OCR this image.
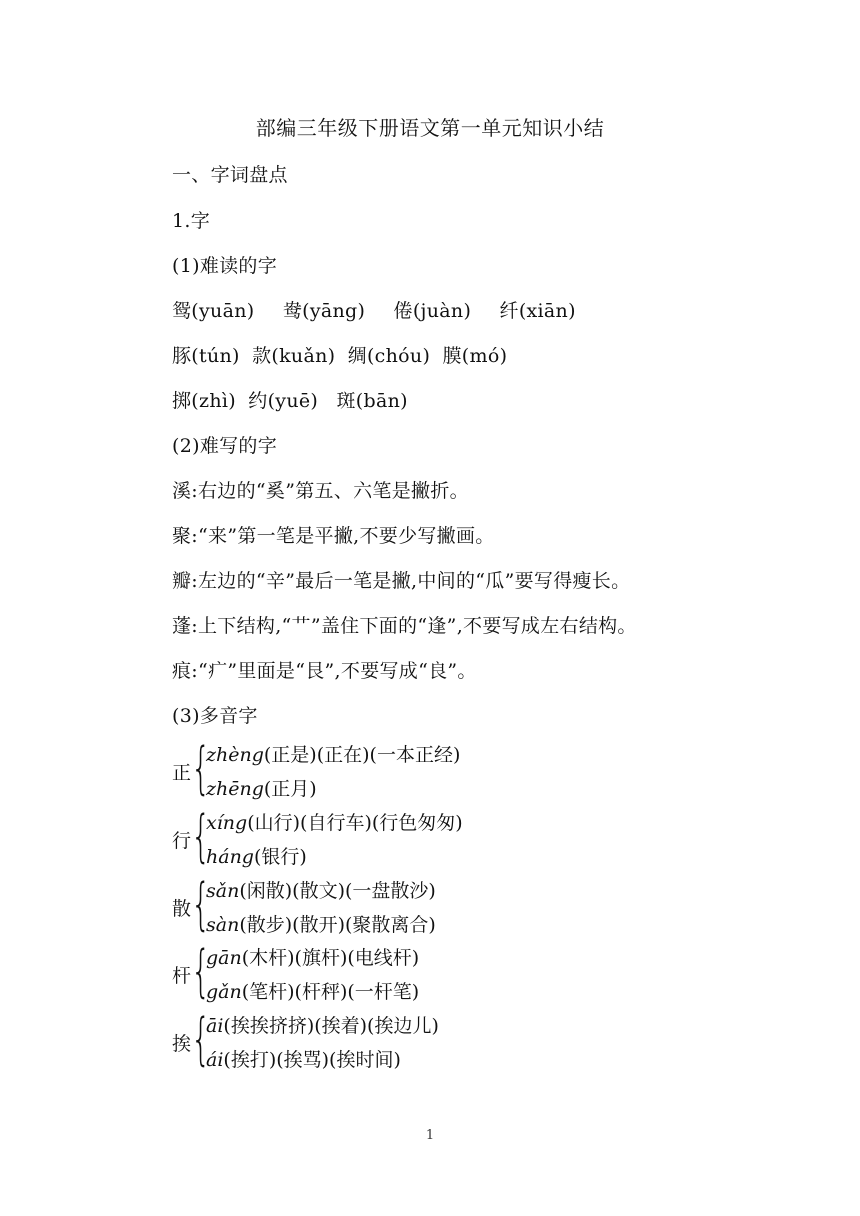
部编三年级下册语文第一单元知识小结
一、字词盘点
1.字
(1)难读的字
鸳(yuān) 鸯(yāng) 倦(juàn) 纤(xiān)
豚(tún) 款(kuǎn) 绸(chóu) 膜(mó)
掷(zhì) 约(yuē) 斑(bān)
(2)难写的字
溪:右边的“奚”第五、六笔是撇折。
聚:“来”第一笔是平撇,不要少写撇画。
瓣:左边的“辛”最后一笔是撇,中间的“瓜”要写得瘦长。
蓬:上下结构,“艹”盖住下面的“逢”,不要写成左右结构。
痕:“疒”里面是“艮”,不要写成“良”。
(3)多音字
正 {
zhèng(正是)(正在)(一本正经)
zhēng(正月)
行 {
xíng(山行)(自行车)(行色匆匆)
háng(银行)
散 {
sǎn(闲散)(散文)(一盘散沙)
sàn(散步)(散开)(聚散离合)
杆 {
gān(木杆)(旗杆)(电线杆)
gǎn(笔杆)(杆秤)(一杆笔)
挨 {
āi(挨挨挤挤)(挨着)(挨边儿)
ái(挨打)(挨骂)(挨时间)
1
